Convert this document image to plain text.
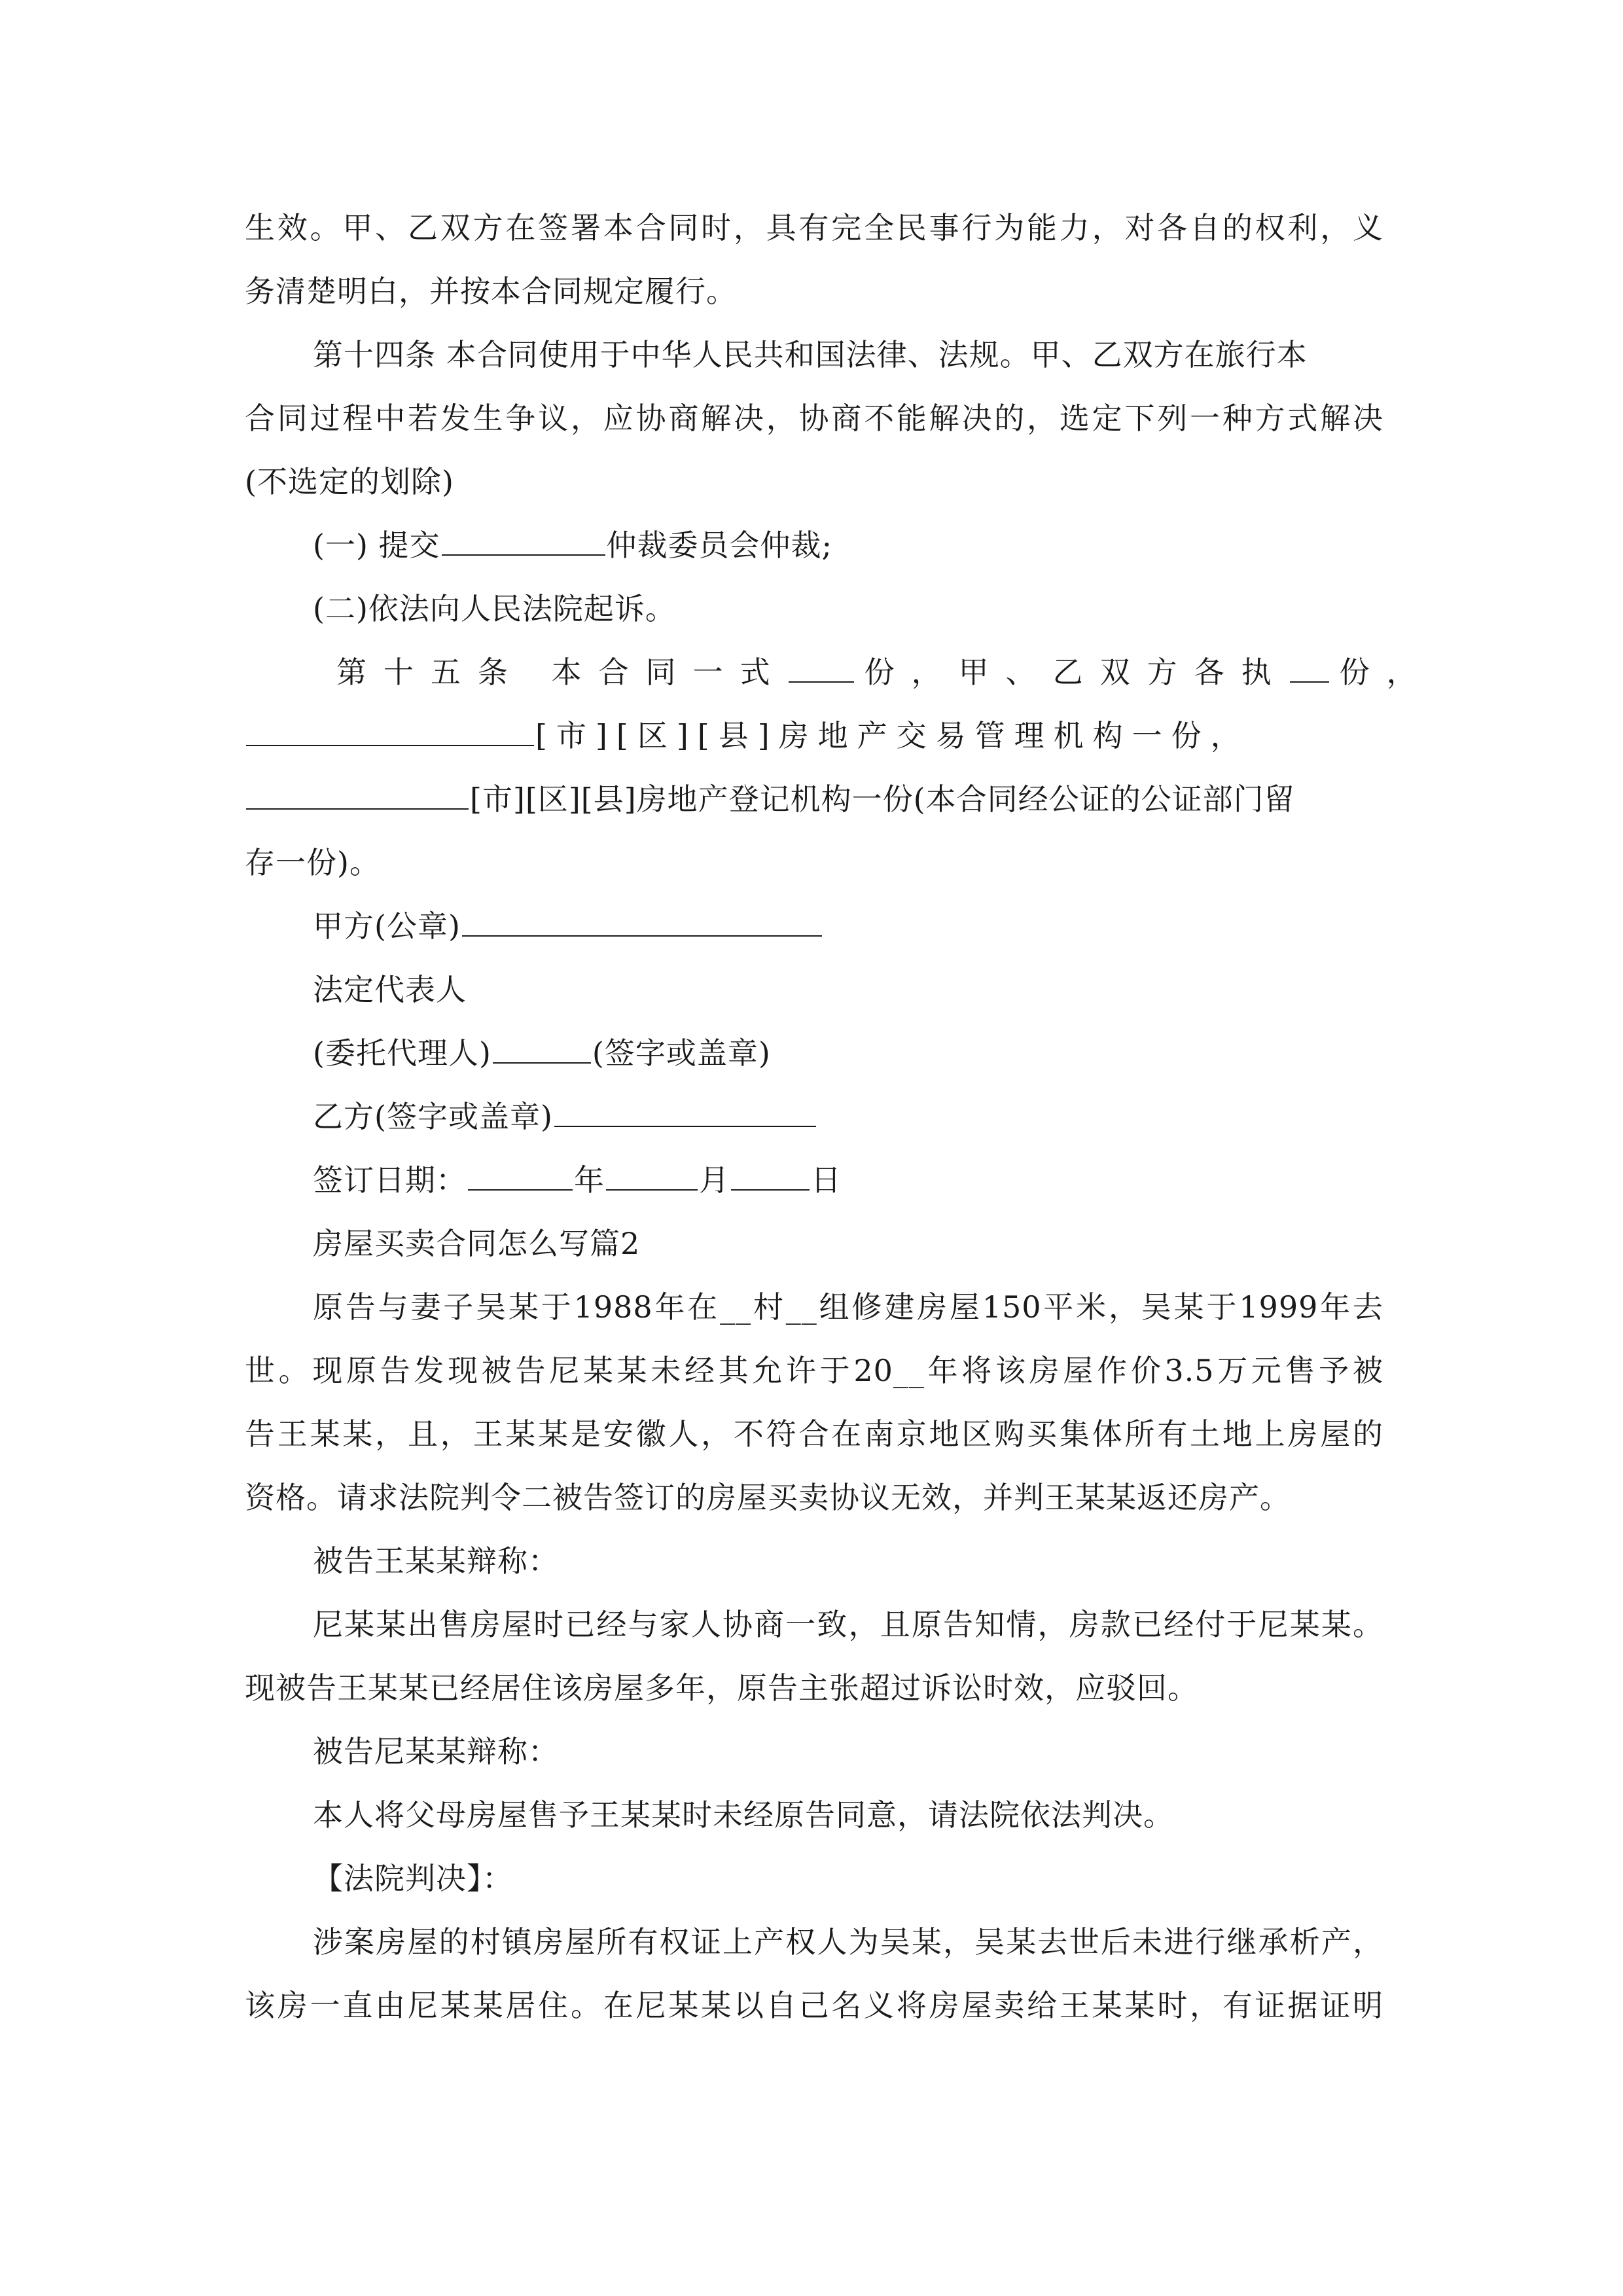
生效。甲、乙双方在签署本合同时，具有完全民事行为能力，对各自的权利，义
务清楚明白，并按本合同规定履行。
第十四条 本合同使用于中华人民共和国法律、法规。甲、乙双方在旅行本
合同过程中若发生争议，应协商解决，协商不能解决的，选定下列一种方式解决
(不选定的划除)
(一) 提交	仲裁委员会仲裁;
(二)依法向人民法院起诉。
第十五条 本合同一式	份，甲、乙双方各执 份，
[市][区][县]房地产交易管理机构一份，
[市][区][县]房地产登记机构一份(本合同经公证的公证部门留
存一份)。
甲方(公章)
法定代表人
(委托代理人)	(签字或盖章)
乙方(签字或盖章)
签订日期：	年	月	日
房屋买卖合同怎么写篇2
原告与妻子吴某于1988年在__村__组修建房屋150平米，吴某于1999年去
世。现原告发现被告尼某某未经其允许于20__年将该房屋作价3.5万元售予被
告王某某，且，王某某是安徽人，不符合在南京地区购买集体所有土地上房屋的
资格。请求法院判令二被告签订的房屋买卖协议无效，并判王某某返还房产。
被告王某某辩称：
尼某某出售房屋时已经与家人协商一致，且原告知情，房款已经付于尼某某。
现被告王某某已经居住该房屋多年，原告主张超过诉讼时效，应驳回。
被告尼某某辩称：
本人将父母房屋售予王某某时未经原告同意，请法院依法判决。
【法院判决】：
涉案房屋的村镇房屋所有权证上产权人为吴某，吴某去世后未进行继承析产，
该房一直由尼某某居住。在尼某某以自己名义将房屋卖给王某某时，有证据证明
